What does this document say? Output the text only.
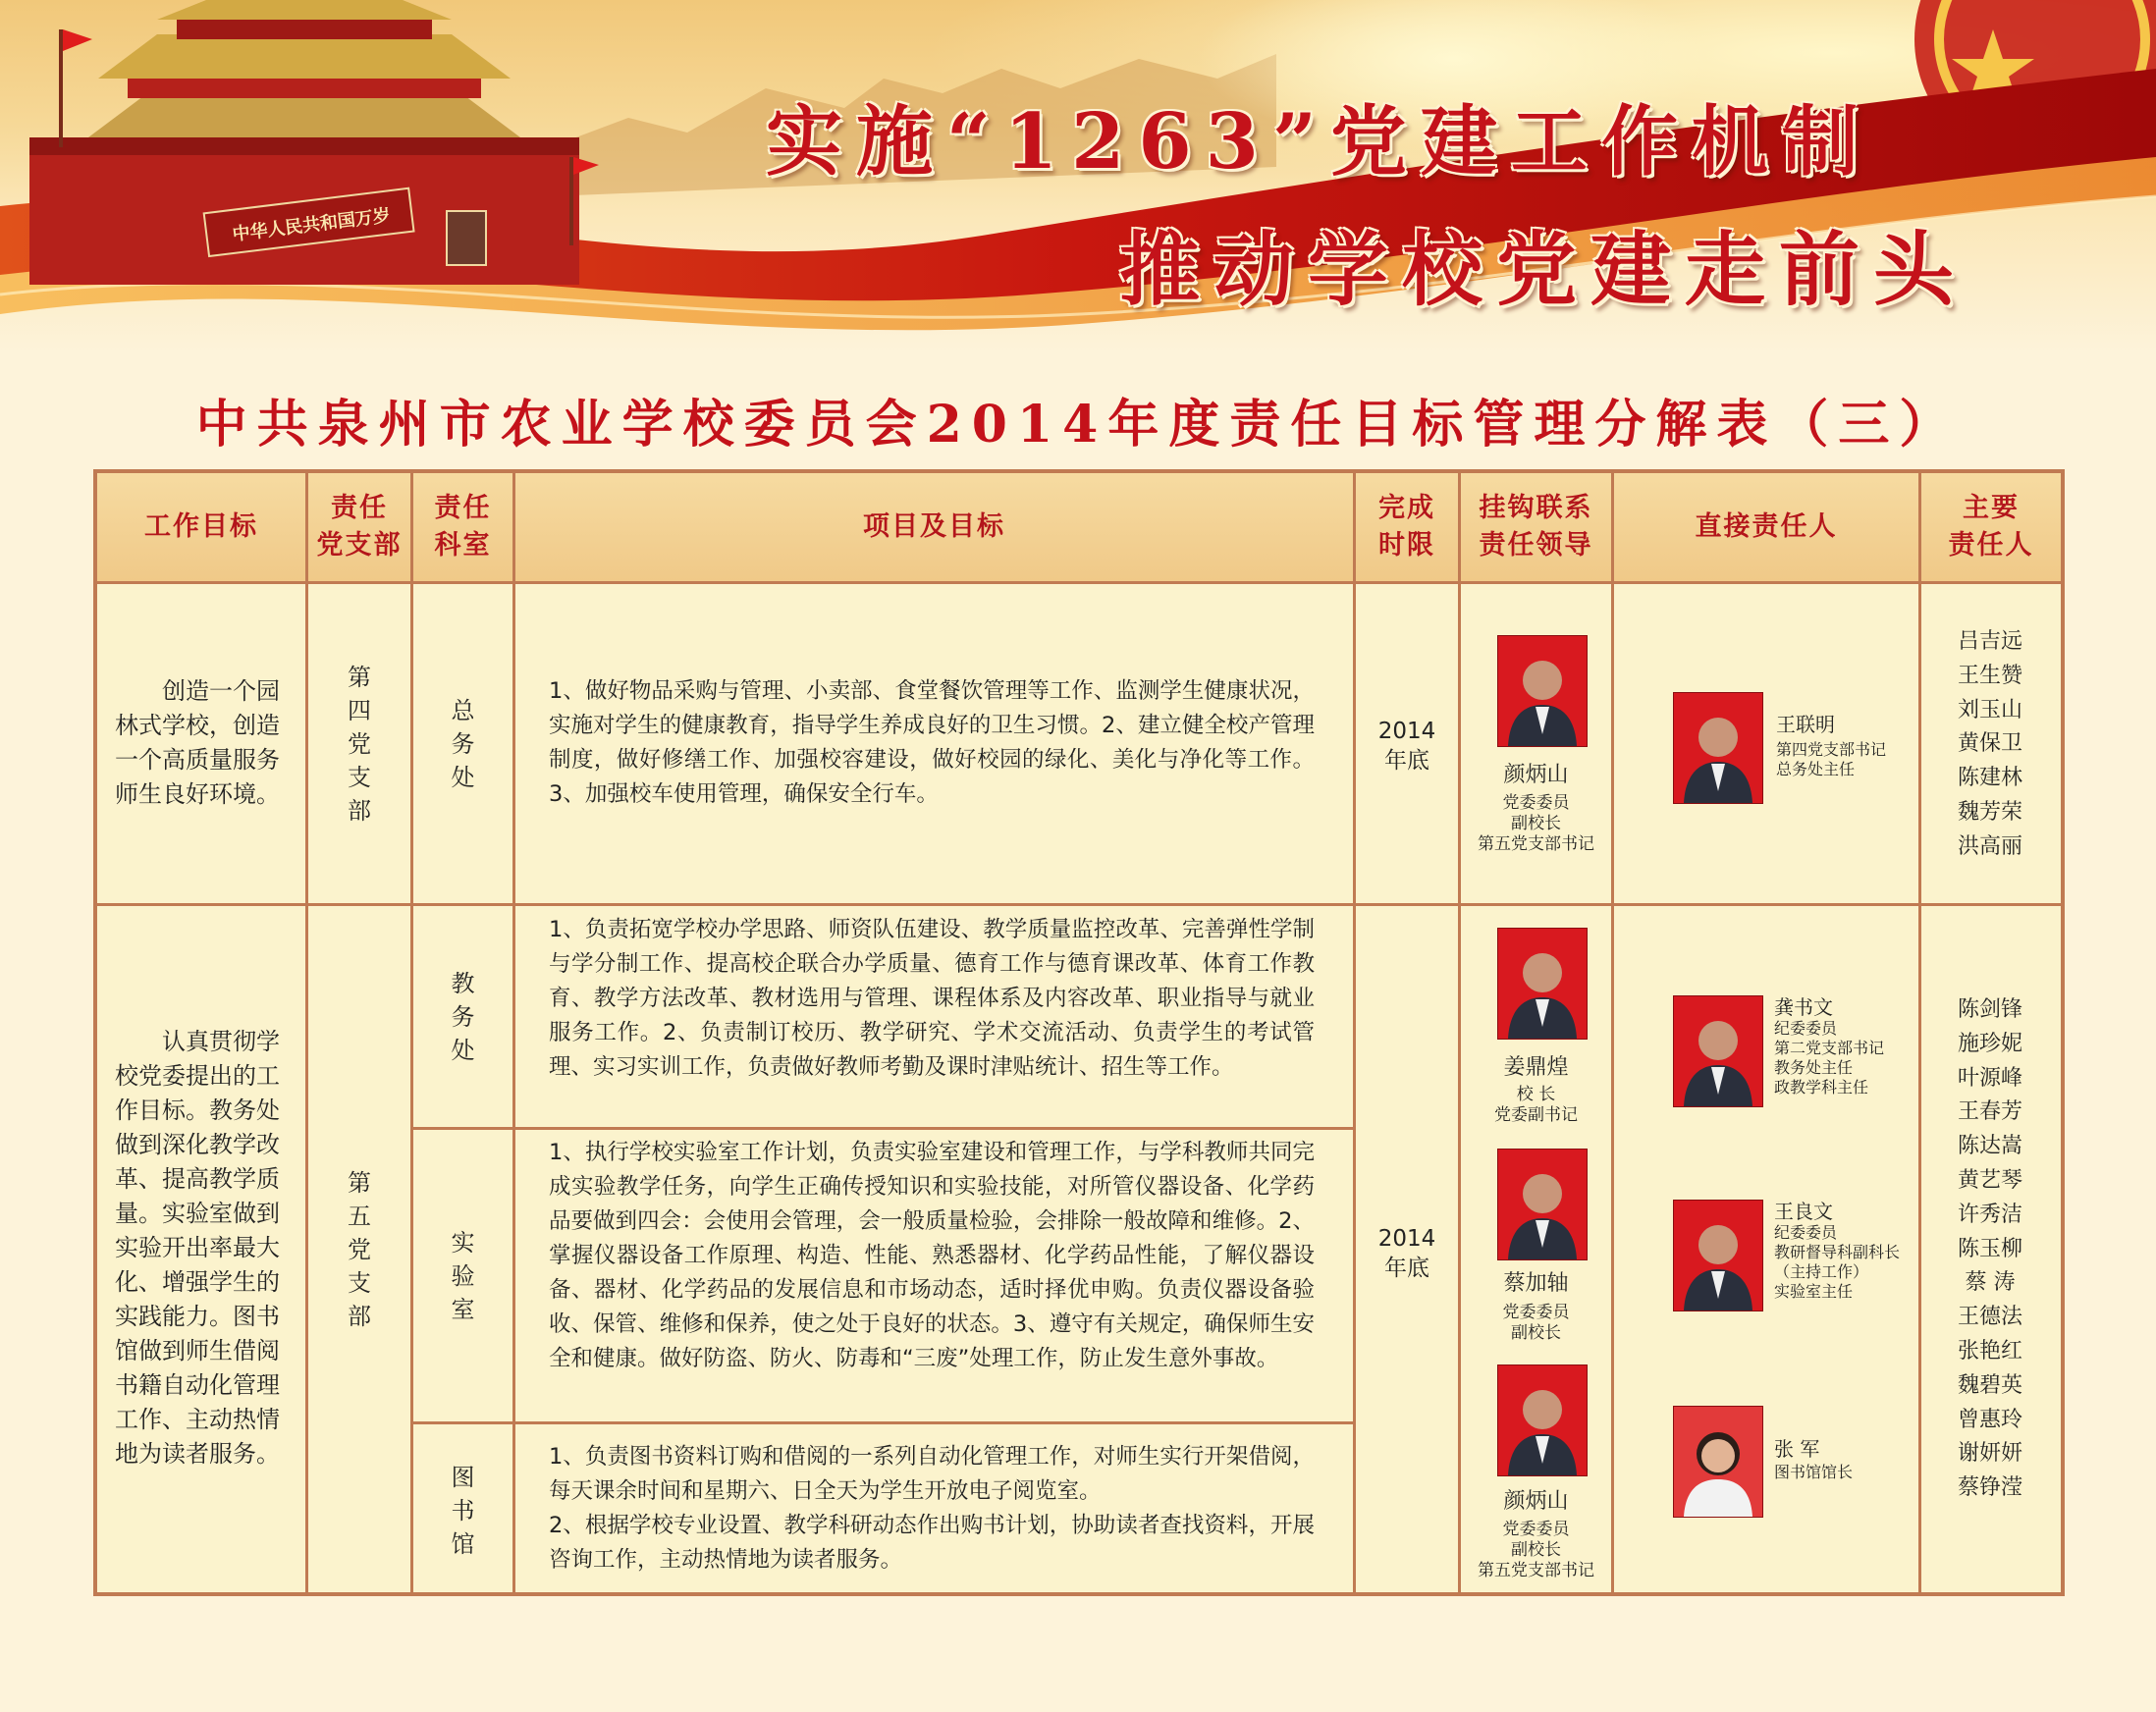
中华人民共和国万岁
实施“1263”党建工作机制
推动学校党建走前头
中共泉州市农业学校委员会2014年度责任目标管理分解表（三）
工作目标
责任
党支部
责任
科室
项目及目标
完成
时限
挂钩联系
责任领导
直接责任人
主要
责任人
创造一个园林式学校，创造一个高质量服务师生良好环境。
第
四
党
支
部
总
务
处
1、做好物品采购与管理、小卖部、食堂餐饮管理等工作、监测学生健康状况，实施对学生的健康教育，指导学生养成良好的卫生习惯。2、建立健全校产管理制度，做好修缮工作、加强校容建设，做好校园的绿化、美化与净化等工作。3、加强校车使用管理，确保安全行车。
2014
年底
颜炳山
党委委员
副校长
第五党支部书记
王联明
第四党支部书记
总务处主任
吕吉远
王生赞
刘玉山
黄保卫
陈建林
魏芳荣
洪高丽
认真贯彻学校党委提出的工作目标。教务处做到深化教学改革、提高教学质量。实验室做到实验开出率最大化、增强学生的实践能力。图书馆做到师生借阅书籍自动化管理工作、主动热情地为读者服务。
第
五
党
支
部
2014
年底
教
务
处
1、负责拓宽学校办学思路、师资队伍建设、教学质量监控改革、完善弹性学制与学分制工作、提高校企联合办学质量、德育工作与德育课改革、体育工作教育、教学方法改革、教材选用与管理、课程体系及内容改革、职业指导与就业服务工作。2、负责制订校历、教学研究、学术交流活动、负责学生的考试管理、实习实训工作，负责做好教师考勤及课时津贴统计、招生等工作。	姜鼎煌
校 长
党委副书记
龚书文
纪委委员
第二党支部书记
教务处主任
政教学科主任
实
验
室
1、执行学校实验室工作计划，负责实验室建设和管理工作，与学科教师共同完成实验教学任务，向学生正确传授知识和实验技能，对所管仪器设备、化学药品要做到四会：会使用会管理，会一般质量检验，会排除一般故障和维修。2、掌握仪器设备工作原理、构造、性能、熟悉器材、化学药品性能，了解仪器设备、器材、化学药品的发展信息和市场动态，适时择优申购。负责仪器设备验收、保管、维修和保养，使之处于良好的状态。3、遵守有关规定，确保师生安全和健康。做好防盗、防火、防毒和“三废”处理工作，防止发生意外事故。
蔡加轴
党委委员
副校长
王良文
纪委委员
教研督导科副科长
（主持工作）
实验室主任
图
书
馆
1、负责图书资料订购和借阅的一系列自动化管理工作，对师生实行开架借阅，每天课余时间和星期六、日全天为学生开放电子阅览室。
2、根据学校专业设置、教学科研动态作出购书计划，协助读者查找资料，开展咨询工作，主动热情地为读者服务。
颜炳山
党委委员
副校长
第五党支部书记
张 军
图书馆馆长
陈剑锋
施珍妮
叶源峰
王春芳
陈达嵩
黄艺琴
许秀洁
陈玉柳
蔡 涛
王德法
张艳红
魏碧英
曾惠玲
谢妍妍
蔡铮滢
